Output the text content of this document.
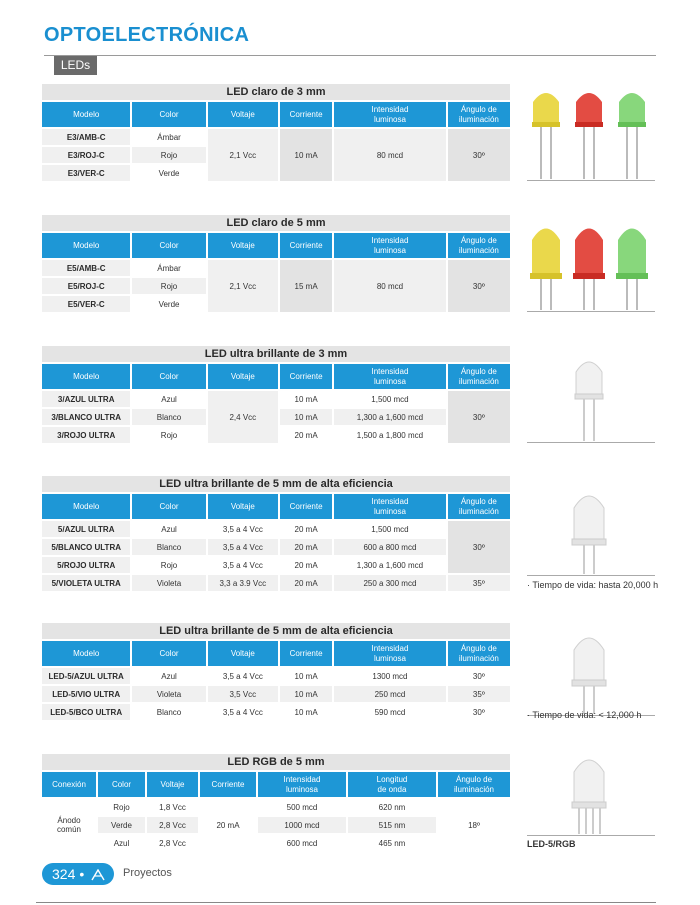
OPTOELECTRÓNICA
LEDs
LED claro de 3 mm
Modelo	Color	Voltaje	Corriente	Intensidad
luminosa	Ángulo de
iluminación
E3/AMB-C	Ámbar	2,1 Vcc	10 mA	80 mcd	30º
E3/ROJ-C	Rojo				
E3/VER-C	Verde				
LED claro de 5 mm
Modelo	Color	Voltaje	Corriente	Intensidad
luminosa	Ángulo de
iluminación
E5/AMB-C	Ámbar	2,1 Vcc	15 mA	80 mcd	30º
E5/ROJ-C	Rojo				
E5/VER-C	Verde				
LED ultra brillante de 3 mm
Modelo	Color	Voltaje	Corriente	Intensidad
luminosa	Ángulo de
iluminación
3/AZUL ULTRA	Azul	2,4 Vcc	10 mA	1,500 mcd	30º
3/BLANCO ULTRA	Blanco		10 mA	1,300 a 1,600 mcd	
3/ROJO ULTRA	Rojo		20 mA	1,500 a 1,800 mcd	
LED ultra brillante de 5 mm de alta eficiencia
Modelo	Color	Voltaje	Corriente	Intensidad
luminosa	Ángulo de
iluminación
5/AZUL ULTRA	Azul	3,5 a 4 Vcc	20 mA	1,500 mcd	30º
5/BLANCO ULTRA	Blanco	3,5 a 4 Vcc	20 mA	600 a 800 mcd	
5/ROJO ULTRA	Rojo	3,5 a 4 Vcc	20 mA	1,300 a 1,600 mcd	
5/VIOLETA ULTRA	Violeta	3,3 a 3.9 Vcc	20 mA	250 a 300 mcd	35º	· Tiempo de vida: hasta 20,000 h
LED ultra brillante de 5 mm de alta eficiencia
Modelo	Color	Voltaje	Corriente	Intensidad
luminosa	Ángulo de
iluminación
LED-5/AZUL ULTRA	Azul	3,5 a 4 Vcc	10 mA	1300 mcd	30º
LED-5/VIO ULTRA	Violeta	3,5 Vcc	10 mA	250 mcd	35º
LED-5/BCO ULTRA	Blanco	3,5 a 4 Vcc	10 mA	590 mcd	30º	· Tiempo de vida: < 12,000 h
LED RGB de 5 mm
Conexión	Color	Voltaje	Corriente	Intensidad
luminosa	Longitud
de onda	Ángulo de
iluminación
Ánodo
común	Rojo	1,8 Vcc	20 mA	500 mcd	620 nm	18º
	Verde	2,8 Vcc		1000 mcd	515 nm	
	Azul	2,8 Vcc		600 mcd	465 nm		LED-5/RGB
324 •	Proyectos
